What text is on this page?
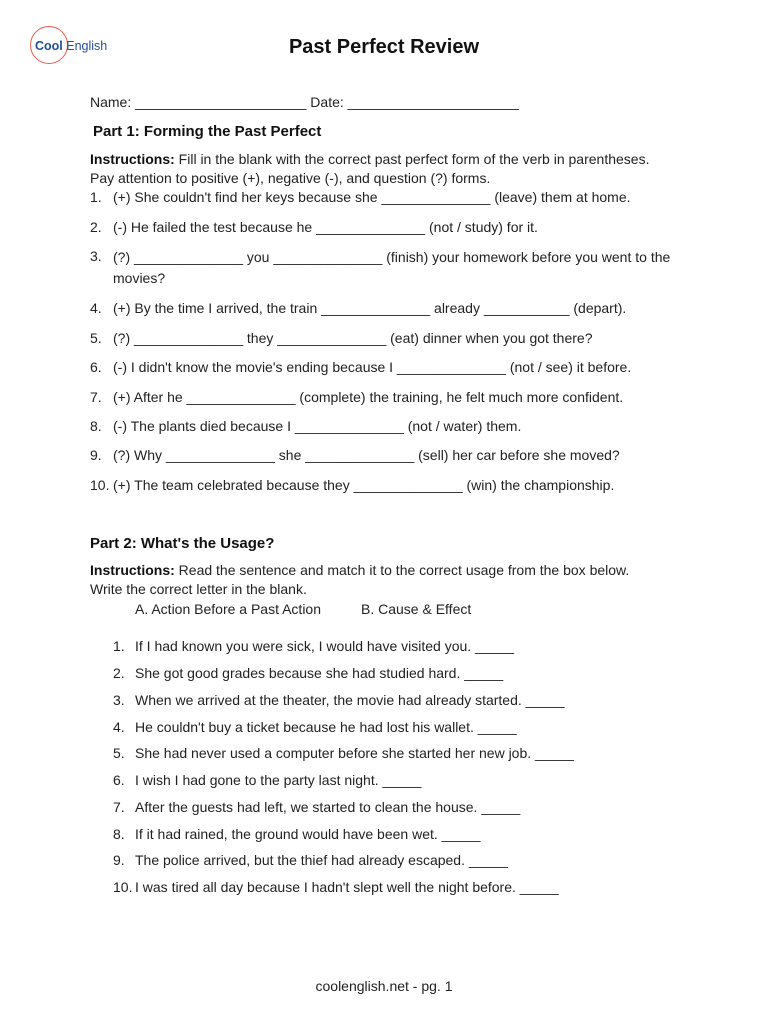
Cool English	Past Perfect Review
Name: ______________________ Date: ______________________
Part 1: Forming the Past Perfect
Instructions: Fill in the blank with the correct past perfect form of the verb in parentheses.
Pay attention to positive (+), negative (-), and question (?) forms.
1. (+) She couldn't find her keys because she ______________ (leave) them at home.
2. (-) He failed the test because he ______________ (not / study) for it.
3. (?) ______________ you ______________ (finish) your homework before you went to the movies?
4. (+) By the time I arrived, the train ______________ already ___________ (depart).
5. (?) ______________ they ______________ (eat) dinner when you got there?
6. (-) I didn't know the movie's ending because I ______________ (not / see) it before.
7. (+) After he ______________ (complete) the training, he felt much more confident.
8. (-) The plants died because I ______________ (not / water) them.
9. (?) Why ______________ she ______________ (sell) her car before she moved?
10. (+) The team celebrated because they ______________ (win) the championship.
Part 2: What's the Usage?
Instructions: Read the sentence and match it to the correct usage from the box below.
Write the correct letter in the blank.
A. Action Before a Past Action	B. Cause & Effect
1. If I had known you were sick, I would have visited you. _____
2. She got good grades because she had studied hard. _____
3. When we arrived at the theater, the movie had already started. _____
4. He couldn't buy a ticket because he had lost his wallet. _____
5. She had never used a computer before she started her new job. _____
6. I wish I had gone to the party last night. _____
7. After the guests had left, we started to clean the house. _____
8. If it had rained, the ground would have been wet. _____
9. The police arrived, but the thief had already escaped. _____
10. I was tired all day because I hadn't slept well the night before. _____
coolenglish.net - pg. 1
